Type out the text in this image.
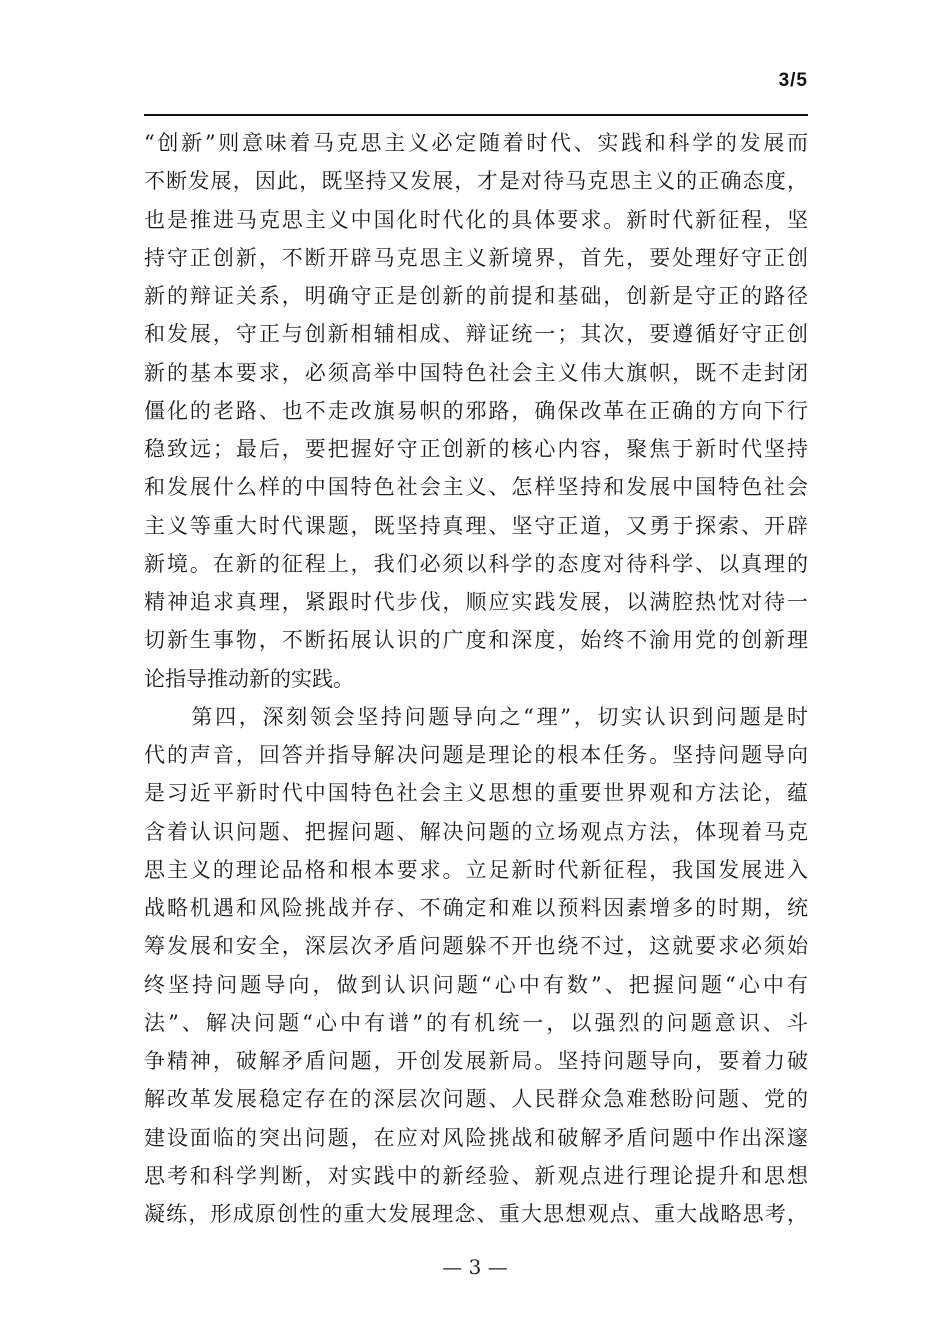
3/5
“创新”则意味着马克思主义必定随着时代、实践和科学的发展而
不断发展，因此，既坚持又发展，才是对待马克思主义的正确态度，
也是推进马克思主义中国化时代化的具体要求。新时代新征程，坚
持守正创新，不断开辟马克思主义新境界，首先，要处理好守正创
新的辩证关系，明确守正是创新的前提和基础，创新是守正的路径
和发展，守正与创新相辅相成、辩证统一；其次，要遵循好守正创
新的基本要求，必须高举中国特色社会主义伟大旗帜，既不走封闭
僵化的老路、也不走改旗易帜的邪路，确保改革在正确的方向下行
稳致远；最后，要把握好守正创新的核心内容，聚焦于新时代坚持
和发展什么样的中国特色社会主义、怎样坚持和发展中国特色社会
主义等重大时代课题，既坚持真理、坚守正道，又勇于探索、开辟
新境。在新的征程上，我们必须以科学的态度对待科学、以真理的
精神追求真理，紧跟时代步伐，顺应实践发展，以满腔热忱对待一
切新生事物，不断拓展认识的广度和深度，始终不渝用党的创新理
论指导推动新的实践。
　　第四，深刻领会坚持问题导向之“理”，切实认识到问题是时
代的声音，回答并指导解决问题是理论的根本任务。坚持问题导向
是习近平新时代中国特色社会主义思想的重要世界观和方法论，蕴
含着认识问题、把握问题、解决问题的立场观点方法，体现着马克
思主义的理论品格和根本要求。立足新时代新征程，我国发展进入
战略机遇和风险挑战并存、不确定和难以预料因素增多的时期，统
筹发展和安全，深层次矛盾问题躲不开也绕不过，这就要求必须始
终坚持问题导向，做到认识问题“心中有数”、把握问题“心中有
法”、解决问题“心中有谱”的有机统一，以强烈的问题意识、斗
争精神，破解矛盾问题，开创发展新局。坚持问题导向，要着力破
解改革发展稳定存在的深层次问题、人民群众急难愁盼问题、党的
建设面临的突出问题，在应对风险挑战和破解矛盾问题中作出深邃
思考和科学判断，对实践中的新经验、新观点进行理论提升和思想
凝练，形成原创性的重大发展理念、重大思想观点、重大战略思考，
— 3 —
